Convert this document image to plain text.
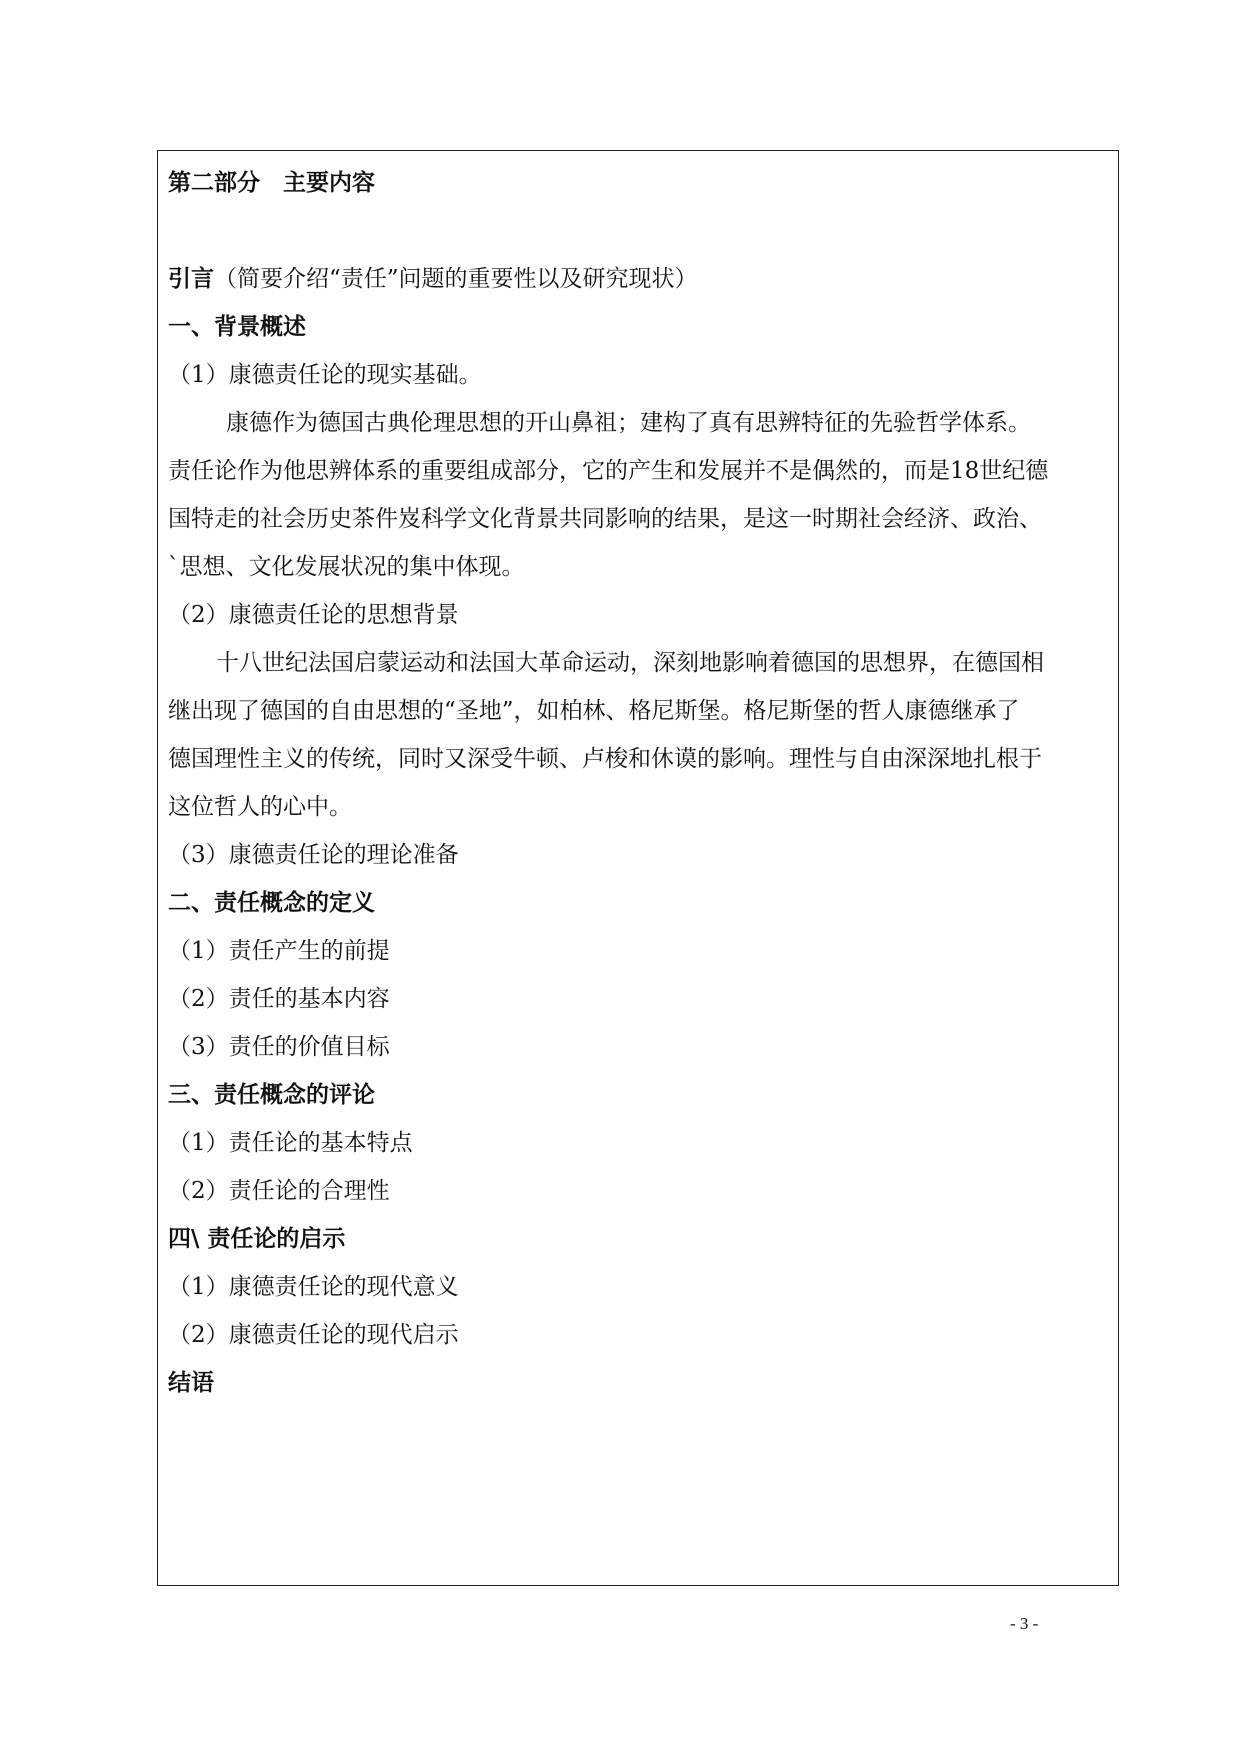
第二部分　主要内容
引言（简要介绍“责任”问题的重要性以及研究现状）
一、背景概述
（1）康德责任论的现实基础。
康德作为德国古典伦理思想的开山鼻祖；建构了真有思辨特征的先验哲学体系。
责任论作为他思辨体系的重要组成部分，它的产生和发展并不是偶然的，而是18世纪德
国特走的社会历史茶件岌科学文化背景共同影响的结果，是这一时期社会经济、政治、
`思想、文化发展状况的集中体现。
（2）康德责任论的思想背景
十八世纪法国启蒙运动和法国大革命运动，深刻地影响着德国的思想界，在德国相
继出现了德国的自由思想的“圣地”，如柏林、格尼斯堡。格尼斯堡的哲人康德继承了
德国理性主义的传统，同时又深受牛顿、卢梭和休谟的影响。理性与自由深深地扎根于
这位哲人的心中。
（3）康德责任论的理论准备
二、责任概念的定义
（1）责任产生的前提
（2）责任的基本内容
（3）责任的价值目标
三、责任概念的评论
（1）责任论的基本特点
（2）责任论的合理性
四\ 责任论的启示
（1）康德责任论的现代意义
（2）康德责任论的现代启示
结语
- 3 -
